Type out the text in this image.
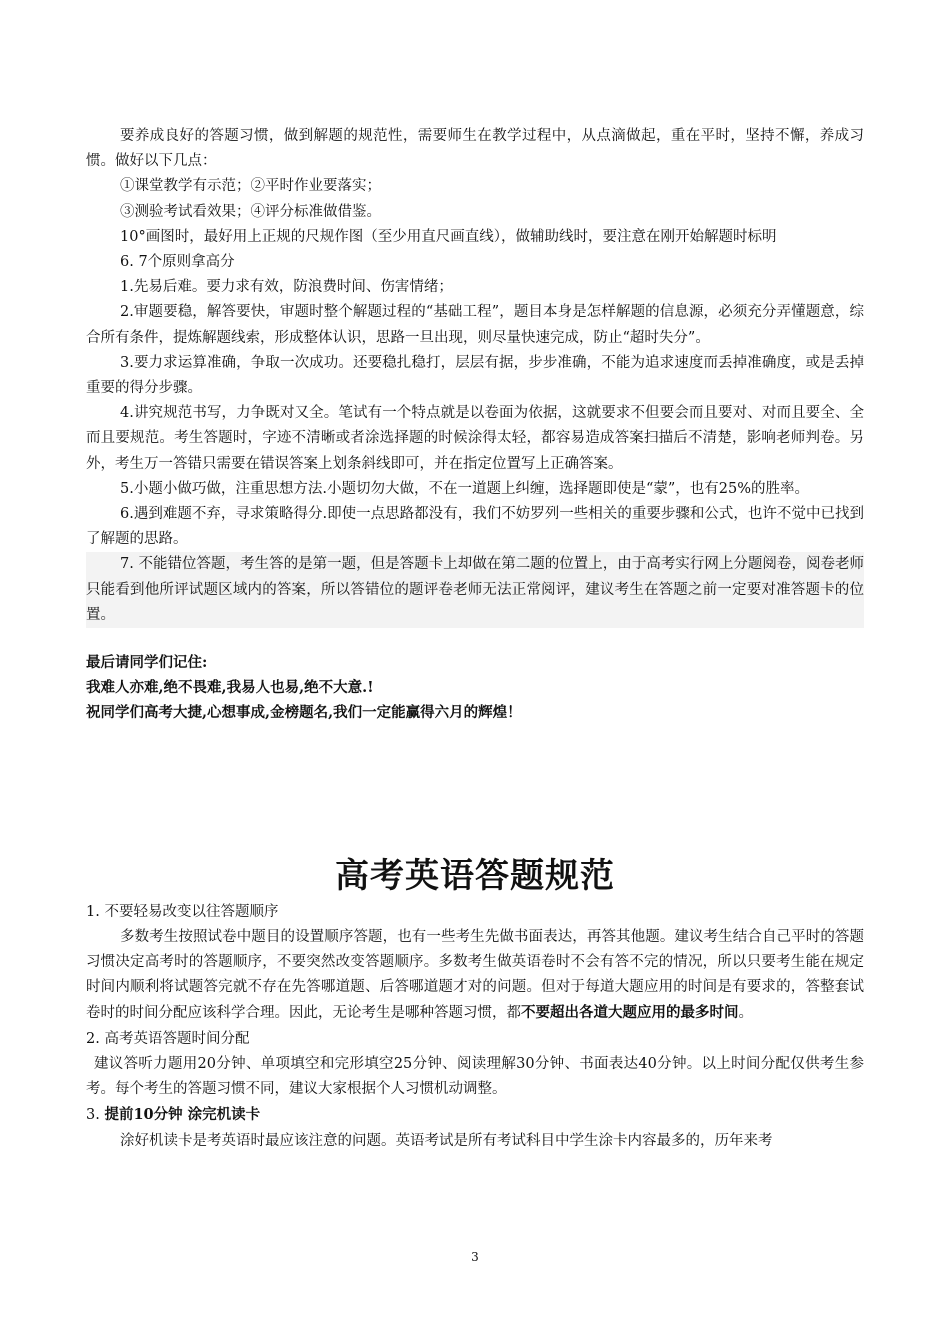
要养成良好的答题习惯，做到解题的规范性，需要师生在教学过程中，从点滴做起，重在平时，坚持不懈，养成习惯。做好以下几点：

①课堂教学有示范；②平时作业要落实；

③测验考试看效果；④评分标准做借鉴。

10°画图时，最好用上正规的尺规作图（至少用直尺画直线），做辅助线时，要注意在刚开始解题时标明

6. 7个原则拿高分

1.先易后难。要力求有效，防浪费时间、伤害情绪；

2.审题要稳，解答要快，审题时整个解题过程的“基础工程”，题目本身是怎样解题的信息源，必须充分弄懂题意，综合所有条件，提炼解题线索，形成整体认识，思路一旦出现，则尽量快速完成，防止“超时失分”。

3.要力求运算准确，争取一次成功。还要稳扎稳打，层层有据，步步准确，不能为追求速度而丢掉准确度，或是丢掉重要的得分步骤。

4.讲究规范书写，力争既对又全。笔试有一个特点就是以卷面为依据，这就要求不但要会而且要对、对而且要全、全而且要规范。考生答题时，字迹不清晰或者涂选择题的时候涂得太轻，都容易造成答案扫描后不清楚，影响老师判卷。另外，考生万一答错只需要在错误答案上划条斜线即可，并在指定位置写上正确答案。

5.小题小做巧做，注重思想方法.小题切勿大做，不在一道题上纠缠，选择题即使是“蒙”，也有25%的胜率。

6.遇到难题不弃，寻求策略得分.即使一点思路都没有，我们不妨罗列一些相关的重要步骤和公式，也许不觉中已找到了解题的思路。

7. 不能错位答题，考生答的是第一题，但是答题卡上却做在第二题的位置上，由于高考实行网上分题阅卷，阅卷老师只能看到他所评试题区域内的答案，所以答错位的题评卷老师无法正常阅评，建议考生在答题之前一定要对准答题卡的位置。

最后请同学们记住:

我难人亦难,绝不畏难,我易人也易,绝不大意.!

祝同学们高考大捷,心想事成,金榜题名,我们一定能赢得六月的辉煌！

高考英语答题规范

1. 不要轻易改变以往答题顺序

多数考生按照试卷中题目的设置顺序答题，也有一些考生先做书面表达，再答其他题。建议考生结合自己平时的答题习惯决定高考时的答题顺序，不要突然改变答题顺序。多数考生做英语卷时不会有答不完的情况，所以只要考生能在规定时间内顺利将试题答完就不存在先答哪道题、后答哪道题才对的问题。但对于每道大题应用的时间是有要求的，答整套试卷时的时间分配应该科学合理。因此，无论考生是哪种答题习惯，都不要超出各道大题应用的最多时间。

2. 高考英语答题时间分配

建议答听力题用20分钟、单项填空和完形填空25分钟、阅读理解30分钟、书面表达40分钟。以上时间分配仅供考生参考。每个考生的答题习惯不同，建议大家根据个人习惯机动调整。

3. 提前10分钟 涂完机读卡

涂好机读卡是考英语时最应该注意的问题。英语考试是所有考试科目中学生涂卡内容最多的，历年来考

3
